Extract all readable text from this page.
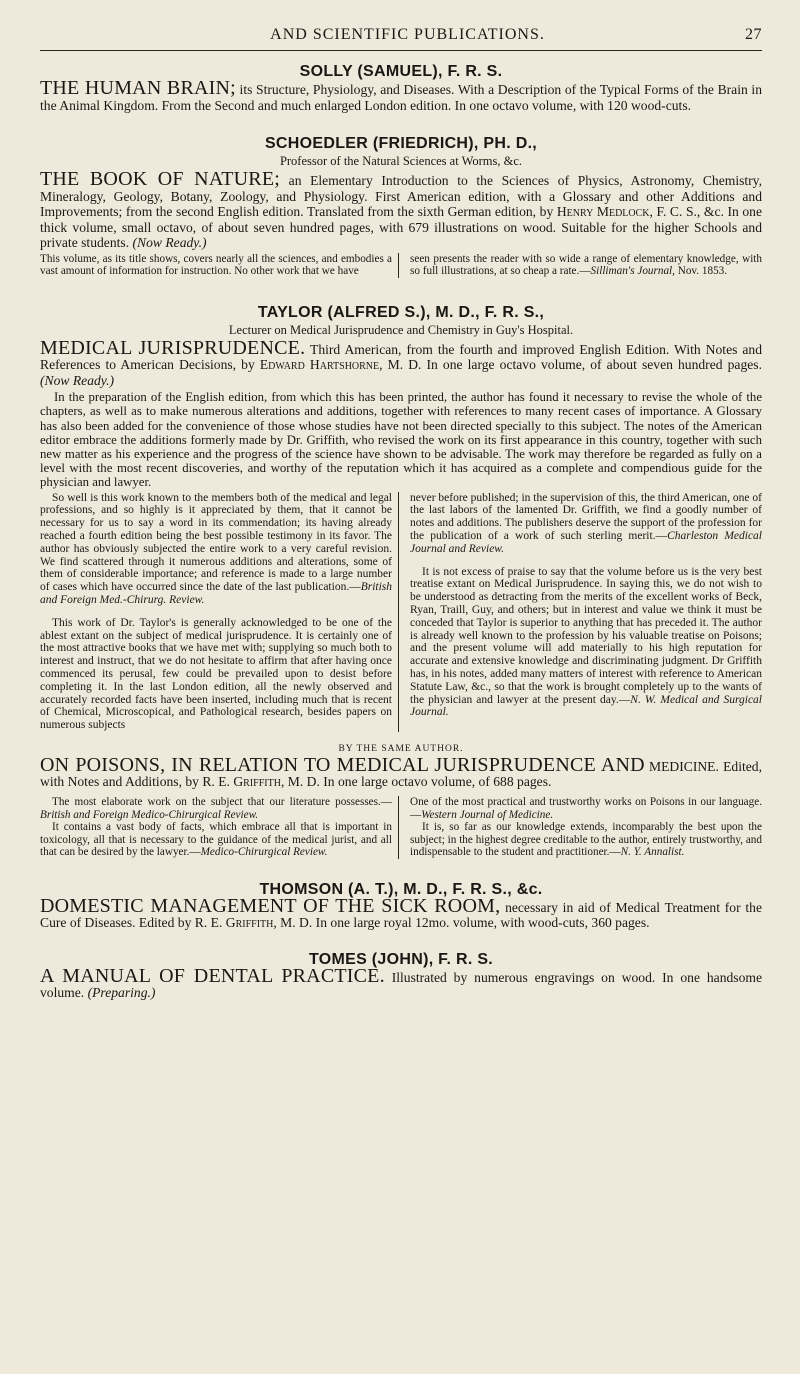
AND SCIENTIFIC PUBLICATIONS.	27

SOLLY (SAMUEL), F. R. S.

THE HUMAN BRAIN; its Structure, Physiology, and Diseases. With a Description of the Typical Forms of the Brain in the Animal Kingdom. From the Second and much enlarged London edition. In one octavo volume, with 120 wood-cuts.

SCHOEDLER (FRIEDRICH), PH. D.,

Professor of the Natural Sciences at Worms, &c.

THE BOOK OF NATURE; an Elementary Introduction to the Sciences of Physics, Astronomy, Chemistry, Mineralogy, Geology, Botany, Zoology, and Physiology. First American edition, with a Glossary and other Additions and Improvements; from the second English edition. Translated from the sixth German edition, by Henry Medlock, F. C. S., &c. In one thick volume, small octavo, of about seven hundred pages, with 679 illustrations on wood. Suitable for the higher Schools and private students. (Now Ready.)

This volume, as its title shows, covers nearly all the sciences, and embodies a vast amount of information for instruction. No other work that we have

seen presents the reader with so wide a range of elementary knowledge, with so full illustrations, at so cheap a rate.—Silliman's Journal, Nov. 1853.

TAYLOR (ALFRED S.), M. D., F. R. S.,

Lecturer on Medical Jurisprudence and Chemistry in Guy's Hospital.

MEDICAL JURISPRUDENCE. Third American, from the fourth and improved English Edition. With Notes and References to American Decisions, by Edward Hartshorne, M. D. In one large octavo volume, of about seven hundred pages. (Now Ready.)

In the preparation of the English edition, from which this has been printed, the author has found it necessary to revise the whole of the chapters, as well as to make numerous alterations and additions, together with references to many recent cases of importance. A Glossary has also been added for the convenience of those whose studies have not been directed specially to this subject. The notes of the American editor embrace the additions formerly made by Dr. Griffith, who revised the work on its first appearance in this country, together with such new matter as his experience and the progress of the science have shown to be advisable. The work may therefore be regarded as fully on a level with the most recent discoveries, and worthy of the reputation which it has acquired as a complete and compendious guide for the physician and lawyer.

So well is this work known to the members both of the medical and legal professions, and so highly is it appreciated by them, that it cannot be necessary for us to say a word in its commendation; its having already reached a fourth edition being the best possible testimony in its favor. The author has obviously subjected the entire work to a very careful revision. We find scattered through it numerous additions and alterations, some of them of considerable importance; and reference is made to a large number of cases which have occurred since the date of the last publication.—British and Foreign Med.-Chirurg. Review.

This work of Dr. Taylor's is generally acknowledged to be one of the ablest extant on the subject of medical jurisprudence. It is certainly one of the most attractive books that we have met with; supplying so much both to interest and instruct, that we do not hesitate to affirm that after having once commenced its perusal, few could be prevailed upon to desist before completing it. In the last London edition, all the newly observed and accurately recorded facts have been inserted, including much that is recent of Chemical, Microscopical, and Pathological research, besides papers on numerous subjects

never before published; in the supervision of this, the third American, one of the last labors of the lamented Dr. Griffith, we find a goodly number of notes and additions. The publishers deserve the support of the profession for the publication of a work of such sterling merit.—Charleston Medical Journal and Review.

It is not excess of praise to say that the volume before us is the very best treatise extant on Medical Jurisprudence. In saying this, we do not wish to be understood as detracting from the merits of the excellent works of Beck, Ryan, Traill, Guy, and others; but in interest and value we think it must be conceded that Taylor is superior to anything that has preceded it. The author is already well known to the profession by his valuable treatise on Poisons; and the present volume will add materially to his high reputation for accurate and extensive knowledge and discriminating judgment. Dr Griffith has, in his notes, added many matters of interest with reference to American Statute Law, &c., so that the work is brought completely up to the wants of the physician and lawyer at the present day.—N. W. Medical and Surgical Journal.

BY THE SAME AUTHOR.

ON POISONS, IN RELATION TO MEDICAL JURISPRUDENCE AND MEDICINE. Edited, with Notes and Additions, by R. E. Griffith, M. D. In one large octavo volume, of 688 pages.

The most elaborate work on the subject that our literature possesses.—British and Foreign Medico-Chirurgical Review.

It contains a vast body of facts, which embrace all that is important in toxicology, all that is necessary to the guidance of the medical jurist, and all that can be desired by the lawyer.—Medico-Chirurgical Review.

One of the most practical and trustworthy works on Poisons in our language.—Western Journal of Medicine.

It is, so far as our knowledge extends, incomparably the best upon the subject; in the highest degree creditable to the author, entirely trustworthy, and indispensable to the student and practitioner.—N. Y. Annalist.

THOMSON (A. T.), M. D., F. R. S., &c.

DOMESTIC MANAGEMENT OF THE SICK ROOM, necessary in aid of Medical Treatment for the Cure of Diseases. Edited by R. E. Griffith, M. D. In one large royal 12mo. volume, with wood-cuts, 360 pages.

TOMES (JOHN), F. R. S.

A MANUAL OF DENTAL PRACTICE. Illustrated by numerous engravings on wood. In one handsome volume. (Preparing.)
